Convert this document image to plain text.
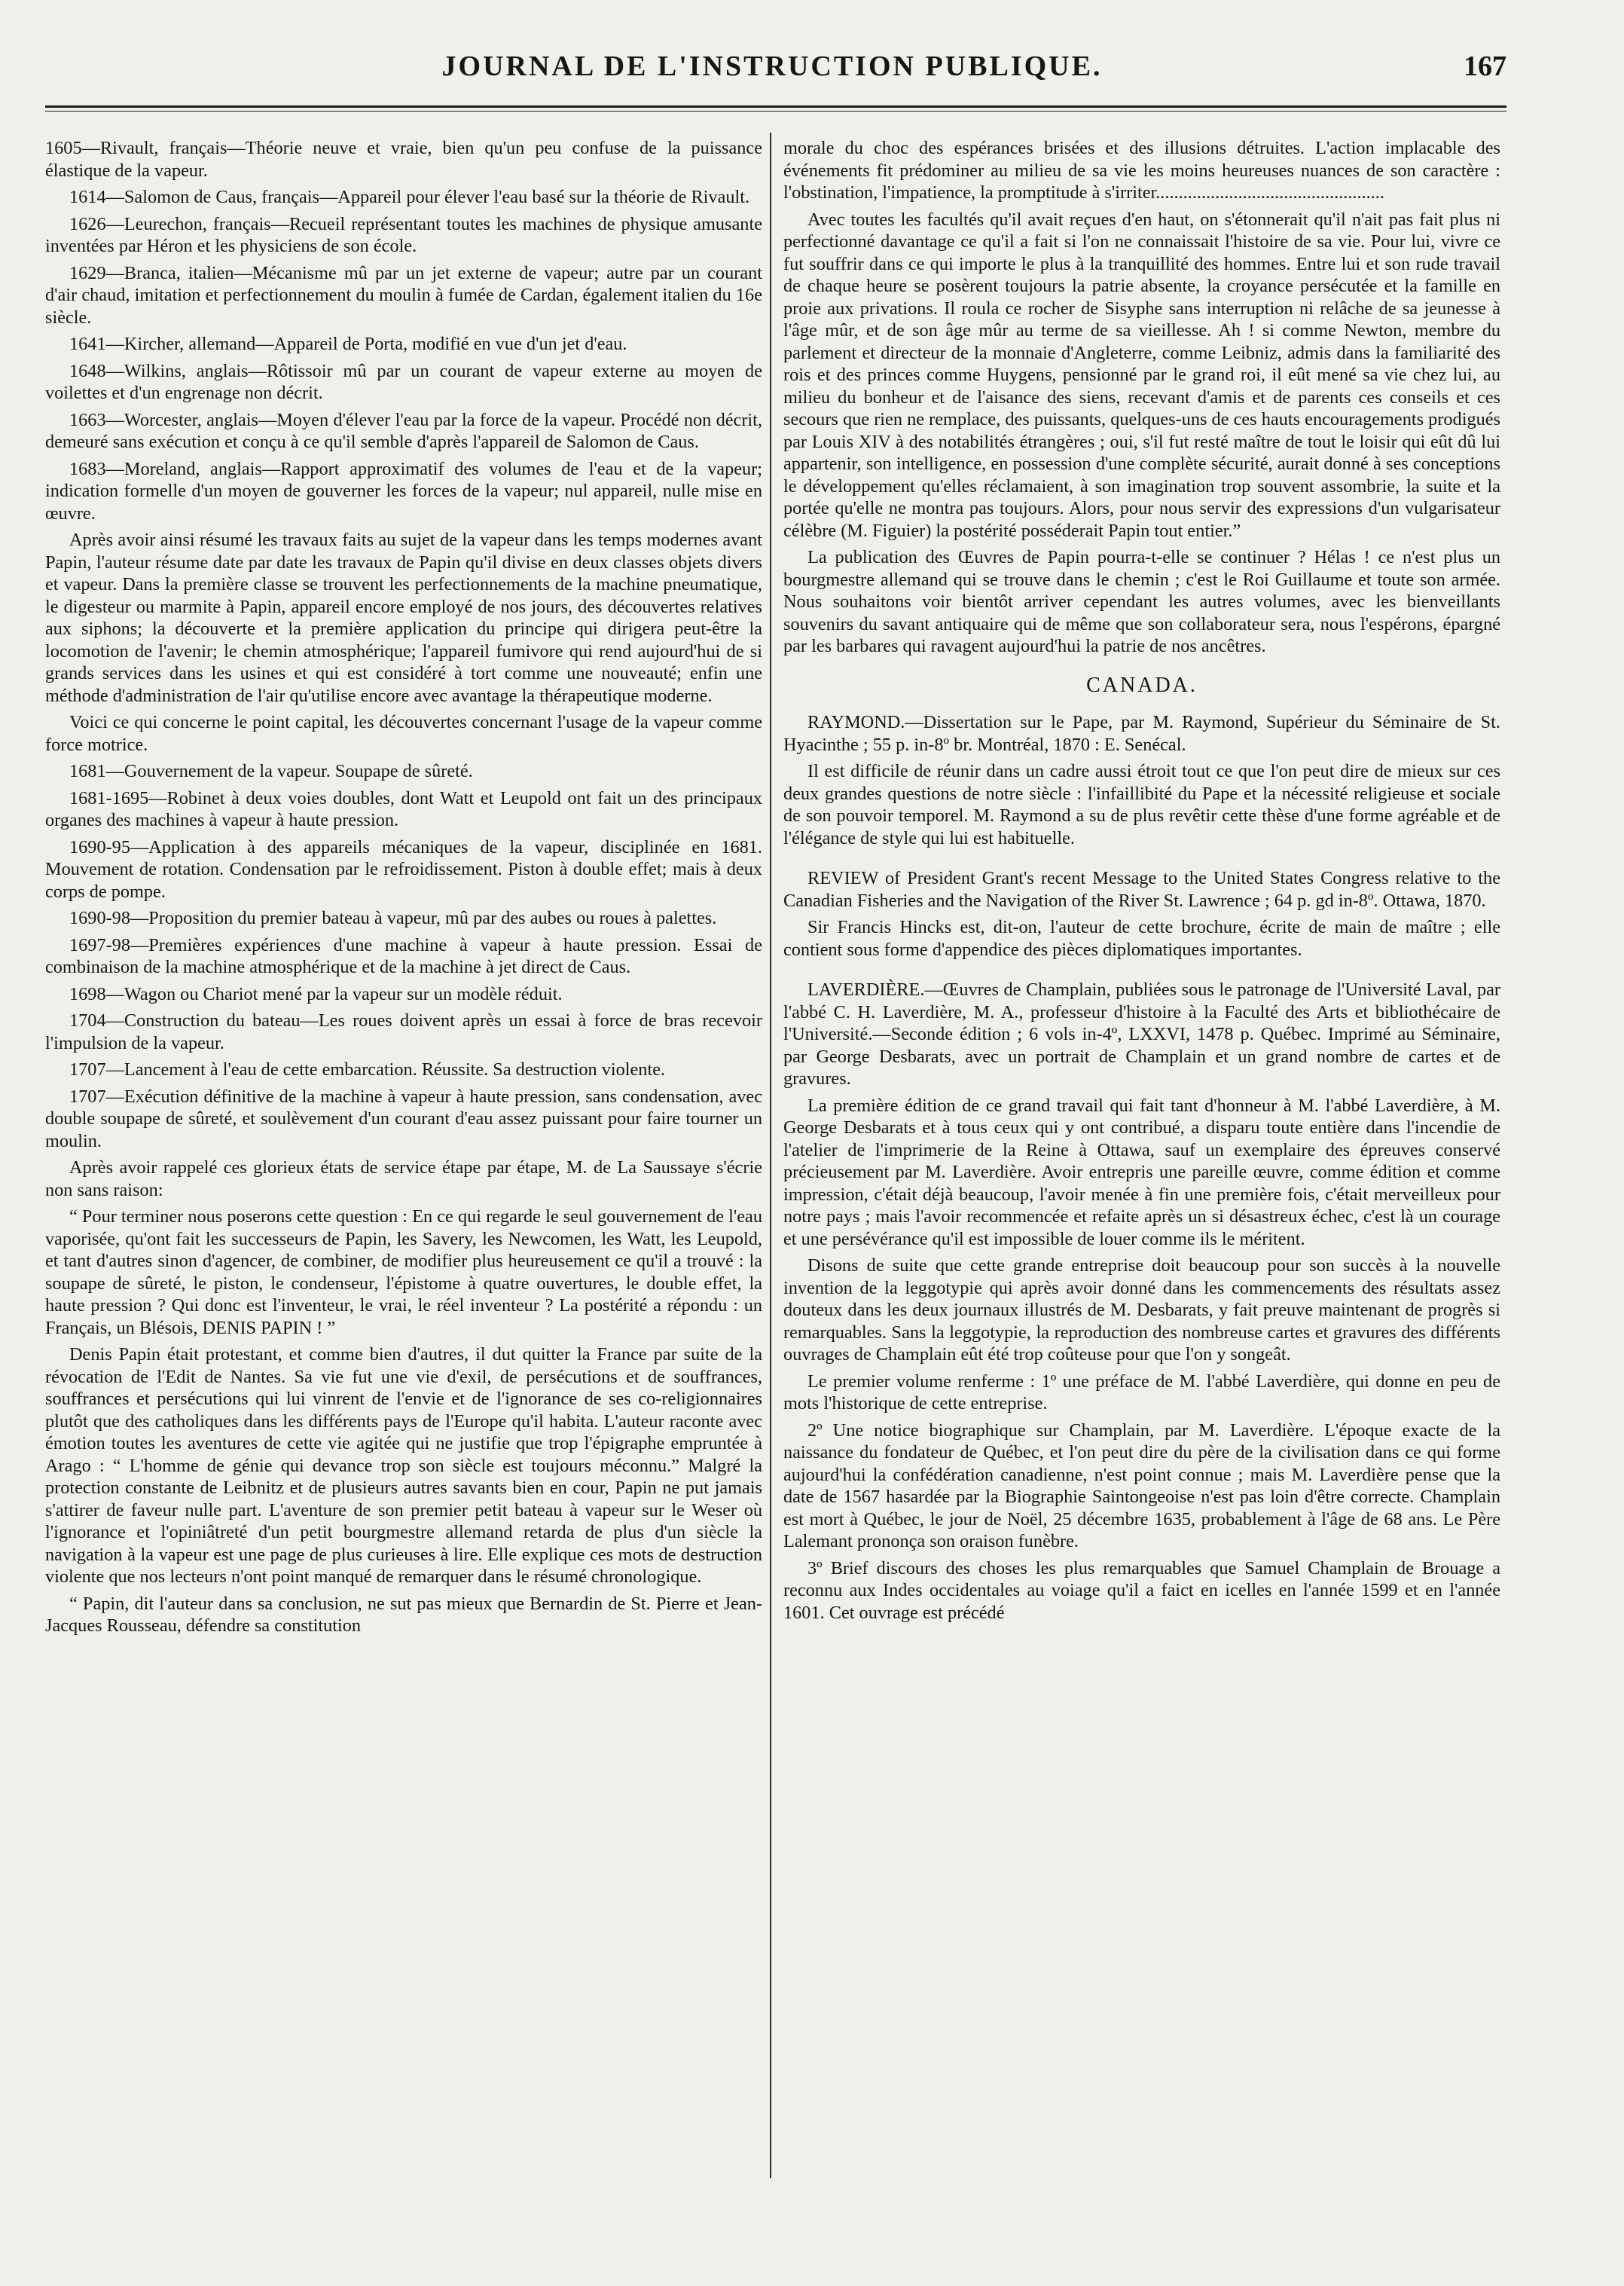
JOURNAL DE L'INSTRUCTION PUBLIQUE.	167

1605—Rivault, français—Théorie neuve et vraie, bien qu'un peu confuse de la puissance élastique de la vapeur.

1614—Salomon de Caus, français—Appareil pour élever l'eau basé sur la théorie de Rivault.

1626—Leurechon, français—Recueil représentant toutes les machines de physique amusante inventées par Héron et les physiciens de son école.

1629—Branca, italien—Mécanisme mû par un jet externe de vapeur; autre par un courant d'air chaud, imitation et perfectionnement du moulin à fumée de Cardan, également italien du 16e siècle.

1641—Kircher, allemand—Appareil de Porta, modifié en vue d'un jet d'eau.

1648—Wilkins, anglais—Rôtissoir mû par un courant de vapeur externe au moyen de voilettes et d'un engrenage non décrit.

1663—Worcester, anglais—Moyen d'élever l'eau par la force de la vapeur. Procédé non décrit, demeuré sans exécution et conçu à ce qu'il semble d'après l'appareil de Salomon de Caus.

1683—Moreland, anglais—Rapport approximatif des volumes de l'eau et de la vapeur; indication formelle d'un moyen de gouverner les forces de la vapeur; nul appareil, nulle mise en œuvre.

Après avoir ainsi résumé les travaux faits au sujet de la vapeur dans les temps modernes avant Papin, l'auteur résume date par date les travaux de Papin qu'il divise en deux classes objets divers et vapeur. Dans la première classe se trouvent les perfectionnements de la machine pneumatique, le digesteur ou marmite à Papin, appareil encore employé de nos jours, des découvertes relatives aux siphons; la découverte et la première application du principe qui dirigera peut-être la locomotion de l'avenir; le chemin atmosphérique; l'appareil fumivore qui rend aujourd'hui de si grands services dans les usines et qui est considéré à tort comme une nouveauté; enfin une méthode d'administration de l'air qu'utilise encore avec avantage la thérapeutique moderne.

Voici ce qui concerne le point capital, les découvertes concernant l'usage de la vapeur comme force motrice.

1681—Gouvernement de la vapeur. Soupape de sûreté.

1681-1695—Robinet à deux voies doubles, dont Watt et Leupold ont fait un des principaux organes des machines à vapeur à haute pression.

1690-95—Application à des appareils mécaniques de la vapeur, disciplinée en 1681. Mouvement de rotation. Condensation par le refroidissement. Piston à double effet; mais à deux corps de pompe.

1690-98—Proposition du premier bateau à vapeur, mû par des aubes ou roues à palettes.

1697-98—Premières expériences d'une machine à vapeur à haute pression. Essai de combinaison de la machine atmosphérique et de la machine à jet direct de Caus.

1698—Wagon ou Chariot mené par la vapeur sur un modèle réduit.

1704—Construction du bateau—Les roues doivent après un essai à force de bras recevoir l'impulsion de la vapeur.

1707—Lancement à l'eau de cette embarcation. Réussite. Sa destruction violente.

1707—Exécution définitive de la machine à vapeur à haute pression, sans condensation, avec double soupape de sûreté, et soulèvement d'un courant d'eau assez puissant pour faire tourner un moulin.

Après avoir rappelé ces glorieux états de service étape par étape, M. de La Saussaye s'écrie non sans raison:

“ Pour terminer nous poserons cette question : En ce qui regarde le seul gouvernement de l'eau vaporisée, qu'ont fait les successeurs de Papin, les Savery, les Newcomen, les Watt, les Leupold, et tant d'autres sinon d'agencer, de combiner, de modifier plus heureusement ce qu'il a trouvé : la soupape de sûreté, le piston, le condenseur, l'épistome à quatre ouvertures, le double effet, la haute pression ? Qui donc est l'inventeur, le vrai, le réel inventeur ? La postérité a répondu : un Français, un Blésois, DENIS PAPIN ! ”

Denis Papin était protestant, et comme bien d'autres, il dut quitter la France par suite de la révocation de l'Edit de Nantes. Sa vie fut une vie d'exil, de persécutions et de souffrances, souffrances et persécutions qui lui vinrent de l'envie et de l'ignorance de ses co-religionnaires plutôt que des catholiques dans les différents pays de l'Europe qu'il habita. L'auteur raconte avec émotion toutes les aventures de cette vie agitée qui ne justifie que trop l'épigraphe empruntée à Arago : “ L'homme de génie qui devance trop son siècle est toujours méconnu.” Malgré la protection constante de Leibnitz et de plusieurs autres savants bien en cour, Papin ne put jamais s'attirer de faveur nulle part. L'aventure de son premier petit bateau à vapeur sur le Weser où l'ignorance et l'opiniâtreté d'un petit bourgmestre allemand retarda de plus d'un siècle la navigation à la vapeur est une page de plus curieuses à lire. Elle explique ces mots de destruction violente que nos lecteurs n'ont point manqué de remarquer dans le résumé chronologique.

“ Papin, dit l'auteur dans sa conclusion, ne sut pas mieux que Bernardin de St. Pierre et Jean-Jacques Rousseau, défendre sa constitution

morale du choc des espérances brisées et des illusions détruites. L'action implacable des événements fit prédominer au milieu de sa vie les moins heureuses nuances de son caractère : l'obstination, l'impatience, la promptitude à s'irriter..................................................

Avec toutes les facultés qu'il avait reçues d'en haut, on s'étonnerait qu'il n'ait pas fait plus ni perfectionné davantage ce qu'il a fait si l'on ne connaissait l'histoire de sa vie. Pour lui, vivre ce fut souffrir dans ce qui importe le plus à la tranquillité des hommes. Entre lui et son rude travail de chaque heure se posèrent toujours la patrie absente, la croyance persécutée et la famille en proie aux privations. Il roula ce rocher de Sisyphe sans interruption ni relâche de sa jeunesse à l'âge mûr, et de son âge mûr au terme de sa vieillesse. Ah ! si comme Newton, membre du parlement et directeur de la monnaie d'Angleterre, comme Leibniz, admis dans la familiarité des rois et des princes comme Huygens, pensionné par le grand roi, il eût mené sa vie chez lui, au milieu du bonheur et de l'aisance des siens, recevant d'amis et de parents ces conseils et ces secours que rien ne remplace, des puissants, quelques-uns de ces hauts encouragements prodigués par Louis XIV à des notabilités étrangères ; oui, s'il fut resté maître de tout le loisir qui eût dû lui appartenir, son intelligence, en possession d'une complète sécurité, aurait donné à ses conceptions le développement qu'elles réclamaient, à son imagination trop souvent assombrie, la suite et la portée qu'elle ne montra pas toujours. Alors, pour nous servir des expressions d'un vulgarisateur célèbre (M. Figuier) la postérité posséderait Papin tout entier.”

La publication des Œuvres de Papin pourra-t-elle se continuer ? Hélas ! ce n'est plus un bourgmestre allemand qui se trouve dans le chemin ; c'est le Roi Guillaume et toute son armée. Nous souhaitons voir bientôt arriver cependant les autres volumes, avec les bienveillants souvenirs du savant antiquaire qui de même que son collaborateur sera, nous l'espérons, épargné par les barbares qui ravagent aujourd'hui la patrie de nos ancêtres.

CANADA.

RAYMOND.—Dissertation sur le Pape, par M. Raymond, Supérieur du Séminaire de St. Hyacinthe ; 55 p. in-8º br. Montréal, 1870 : E. Senécal.

Il est difficile de réunir dans un cadre aussi étroit tout ce que l'on peut dire de mieux sur ces deux grandes questions de notre siècle : l'infaillibité du Pape et la nécessité religieuse et sociale de son pouvoir temporel. M. Raymond a su de plus revêtir cette thèse d'une forme agréable et de l'élégance de style qui lui est habituelle.

REVIEW of President Grant's recent Message to the United States Congress relative to the Canadian Fisheries and the Navigation of the River St. Lawrence ; 64 p. gd in-8º. Ottawa, 1870.

Sir Francis Hincks est, dit-on, l'auteur de cette brochure, écrite de main de maître ; elle contient sous forme d'appendice des pièces diplomatiques importantes.

LAVERDIÈRE.—Œuvres de Champlain, publiées sous le patronage de l'Université Laval, par l'abbé C. H. Laverdière, M. A., professeur d'histoire à la Faculté des Arts et bibliothécaire de l'Université.—Seconde édition ; 6 vols in-4º, LXXVI, 1478 p. Québec. Imprimé au Séminaire, par George Desbarats, avec un portrait de Champlain et un grand nombre de cartes et de gravures.

La première édition de ce grand travail qui fait tant d'honneur à M. l'abbé Laverdière, à M. George Desbarats et à tous ceux qui y ont contribué, a disparu toute entière dans l'incendie de l'atelier de l'imprimerie de la Reine à Ottawa, sauf un exemplaire des épreuves conservé précieusement par M. Laverdière. Avoir entrepris une pareille œuvre, comme édition et comme impression, c'était déjà beaucoup, l'avoir menée à fin une première fois, c'était merveilleux pour notre pays ; mais l'avoir recommencée et refaite après un si désastreux échec, c'est là un courage et une persévérance qu'il est impossible de louer comme ils le méritent.

Disons de suite que cette grande entreprise doit beaucoup pour son succès à la nouvelle invention de la leggotypie qui après avoir donné dans les commencements des résultats assez douteux dans les deux journaux illustrés de M. Desbarats, y fait preuve maintenant de progrès si remarquables. Sans la leggotypie, la reproduction des nombreuse cartes et gravures des différents ouvrages de Champlain eût été trop coûteuse pour que l'on y songeât.

Le premier volume renferme : 1º une préface de M. l'abbé Laverdière, qui donne en peu de mots l'historique de cette entreprise.

2º Une notice biographique sur Champlain, par M. Laverdière. L'époque exacte de la naissance du fondateur de Québec, et l'on peut dire du père de la civilisation dans ce qui forme aujourd'hui la confédération canadienne, n'est point connue ; mais M. Laverdière pense que la date de 1567 hasardée par la Biographie Saintongeoise n'est pas loin d'être correcte. Champlain est mort à Québec, le jour de Noël, 25 décembre 1635, probablement à l'âge de 68 ans. Le Père Lalemant prononça son oraison funèbre.

3º Brief discours des choses les plus remarquables que Samuel Champlain de Brouage a reconnu aux Indes occidentales au voiage qu'il a faict en icelles en l'année 1599 et en l'année 1601. Cet ouvrage est précédé
